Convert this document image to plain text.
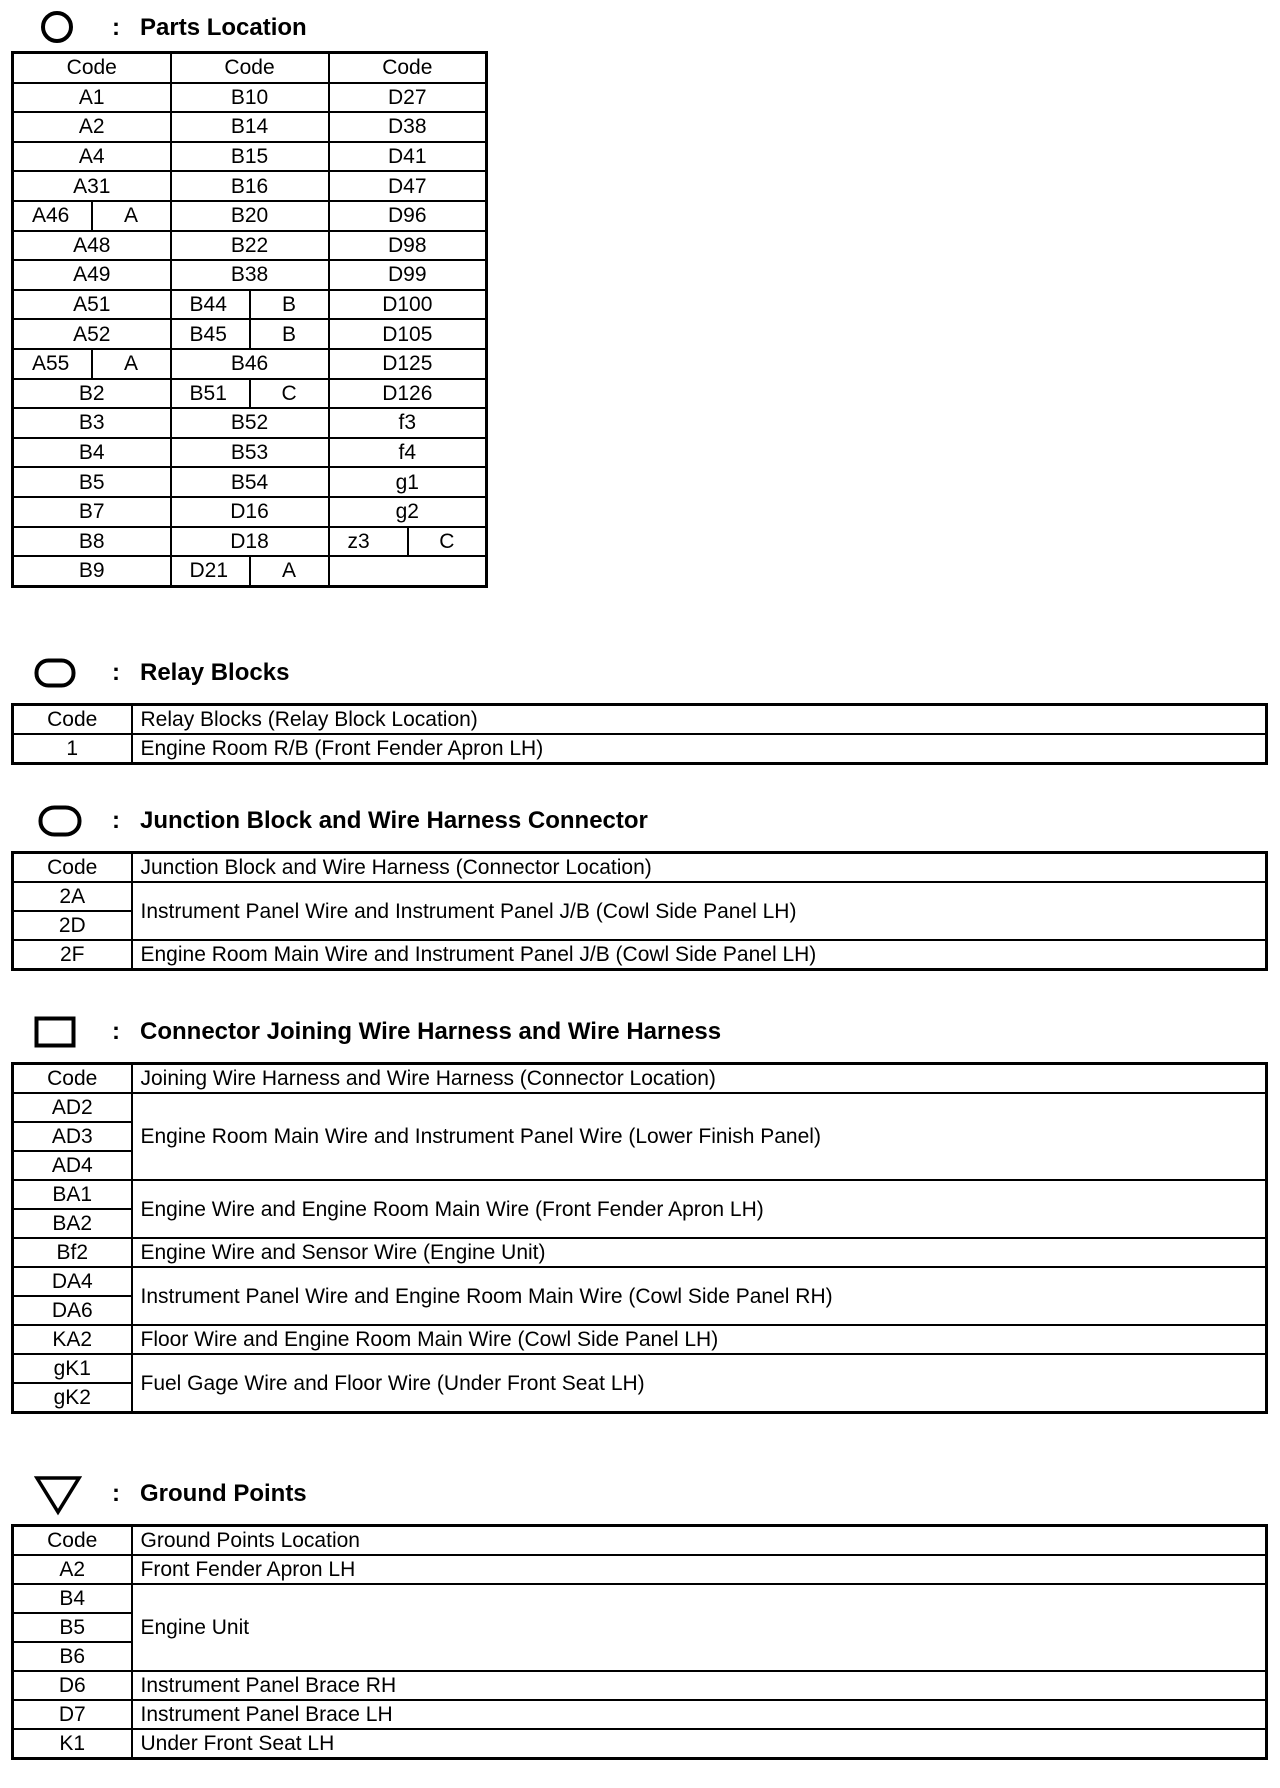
: Parts Location
Code		Code		Code	
A1		B10		D27	
A2		B14		D38	
A4		B15		D41	
A31		B16		D47	
A46	A	B20		D96	
A48		B22		D98	
A49		B38		D99	
A51		B44	B	D100	
A52		B45	B	D105	
A55	A	B46		D125	
B2		B51	C	D126	
B3		B52		f3	
B4		B53		f4	
B5		B54		g1	
B7		D16		g2	
B8		D18		z3	C
B9		D21	A		
: Relay Blocks
Code	Relay Blocks (Relay Block Location)
1	Engine Room R/B (Front Fender Apron LH)
: Junction Block and Wire Harness Connector
Code	Junction Block and Wire Harness (Connector Location)
2A	Instrument Panel Wire and Instrument Panel J/B (Cowl Side Panel LH)
2D	
2F	Engine Room Main Wire and Instrument Panel J/B (Cowl Side Panel LH)
: Connector Joining Wire Harness and Wire Harness
Code	Joining Wire Harness and Wire Harness (Connector Location)
AD2	Engine Room Main Wire and Instrument Panel Wire (Lower Finish Panel)
AD3	
AD4	
BA1	Engine Wire and Engine Room Main Wire (Front Fender Apron LH)
BA2	
Bf2	Engine Wire and Sensor Wire (Engine Unit)
DA4	Instrument Panel Wire and Engine Room Main Wire (Cowl Side Panel RH)
DA6	
KA2	Floor Wire and Engine Room Main Wire (Cowl Side Panel LH)
gK1	Fuel Gage Wire and Floor Wire (Under Front Seat LH)
gK2	
: Ground Points
Code	Ground Points Location
A2	Front Fender Apron LH
B4	Engine Unit
B5	
B6	
D6	Instrument Panel Brace RH
D7	Instrument Panel Brace LH
K1	Under Front Seat LH
